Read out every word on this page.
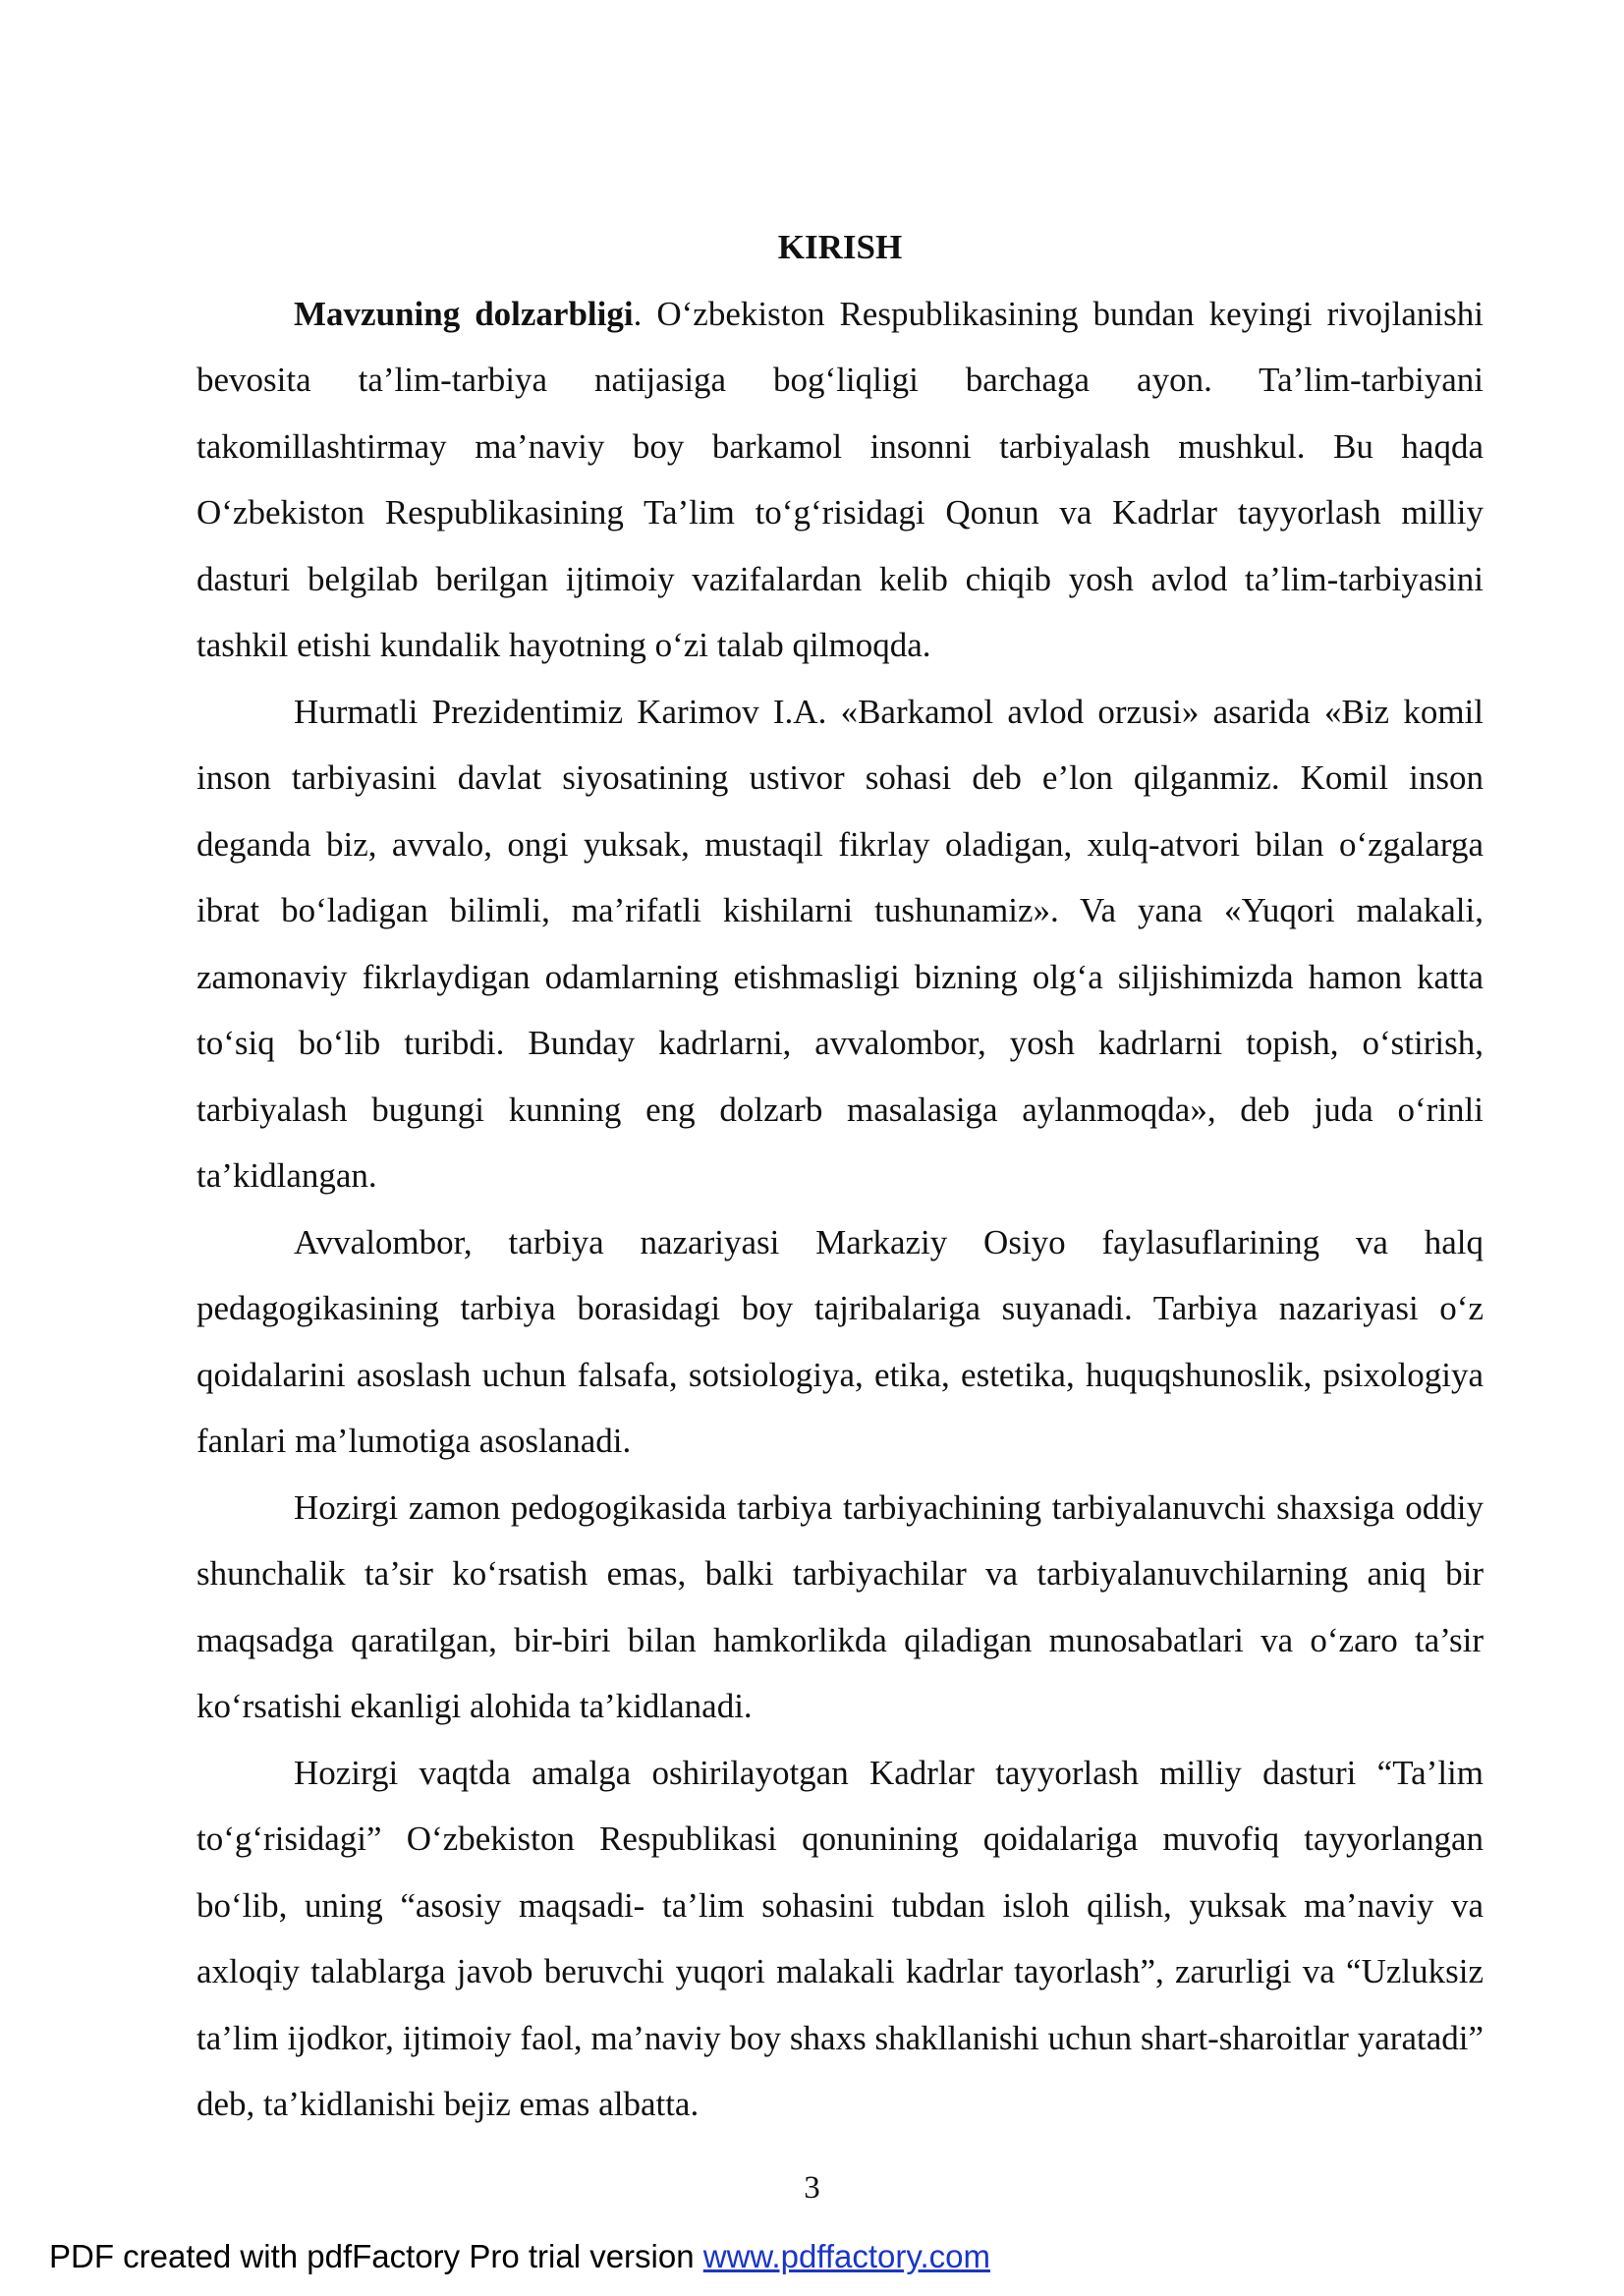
KIRISH

Mavzuning dolzarbligi. O‘zbekiston Respublikasining bundan keyingi rivojlanishi bevosita ta’lim-tarbiya natijasiga bog‘liqligi barchaga ayon. Ta’lim-tarbiyani takomillashtirmay ma’naviy boy barkamol insonni tarbiyalash mushkul. Bu haqda O‘zbekiston Respublikasining Ta’lim to‘g‘risidagi Qonun va Kadrlar tayyorlash milliy dasturi belgilab berilgan ijtimoiy vazifalardan kelib chiqib yosh avlod ta’lim-tarbiyasini tashkil etishi kundalik hayotning o‘zi talab qilmoqda.

Hurmatli Prezidentimiz Karimov I.A. «Barkamol avlod orzusi» asarida «Biz komil inson tarbiyasini davlat siyosatining ustivor sohasi deb e’lon qilganmiz. Komil inson deganda biz, avvalo, ongi yuksak, mustaqil fikrlay oladigan, xulq-atvori bilan o‘zgalarga ibrat bo‘ladigan bilimli, ma’rifatli kishilarni tushunamiz». Va yana «Yuqori malakali, zamonaviy fikrlaydigan odamlarning etishmasligi bizning olg‘a siljishimizda hamon katta to‘siq bo‘lib turibdi. Bunday kadrlarni, avvalombor, yosh kadrlarni topish, o‘stirish, tarbiyalash bugungi kunning eng dolzarb masalasiga aylanmoqda», deb juda o‘rinli ta’kidlangan.

Avvalombor, tarbiya nazariyasi Markaziy Osiyo faylasuflarining va halq pedagogikasining tarbiya borasidagi boy tajribalariga suyanadi. Tarbiya nazariyasi o‘z qoidalarini asoslash uchun falsafa, sotsiologiya, etika, estetika, huquqshunoslik, psixologiya fanlari ma’lumotiga asoslanadi.

Hozirgi zamon pedogogikasida tarbiya tarbiyachining tarbiyalanuvchi shaxsiga oddiy shunchalik ta’sir ko‘rsatish emas, balki tarbiyachilar va tarbiyalanuvchilarning aniq bir maqsadga qaratilgan, bir-biri bilan hamkorlikda qiladigan munosabatlari va o‘zaro ta’sir ko‘rsatishi ekanligi alohida ta’kidlanadi.

Hozirgi vaqtda amalga oshirilayotgan Kadrlar tayyorlash milliy dasturi “Ta’lim to‘g‘risidagi” O‘zbekiston Respublikasi qonunining qoidalariga muvofiq tayyorlangan bo‘lib, uning “asosiy maqsadi- ta’lim sohasini tubdan isloh qilish, yuksak ma’naviy va axloqiy talablarga javob beruvchi yuqori malakali kadrlar tayorlash”, zarurligi va “Uzluksiz ta’lim ijodkor, ijtimoiy faol, ma’naviy boy shaxs shakllanishi uchun shart-sharoitlar yaratadi” deb, ta’kidlanishi bejiz emas albatta.

3
PDF created with pdfFactory Pro trial version www.pdffactory.com
